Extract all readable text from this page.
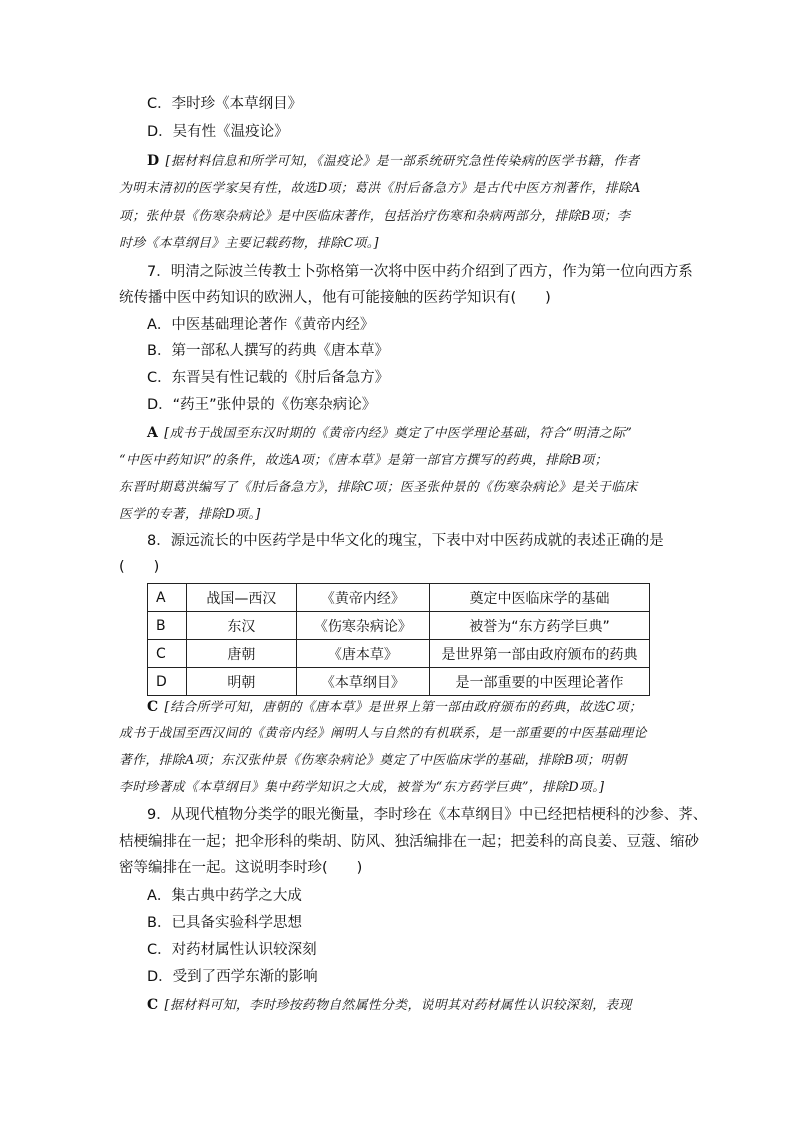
C．李时珍《本草纲目》
D．吴有性《温疫论》
D [据材料信息和所学可知，《温疫论》是一部系统研究急性传染病的医学书籍，作者
为明末清初的医学家吴有性，故选D项；葛洪《肘后备急方》是古代中医方剂著作，排除A
项；张仲景《伤寒杂病论》是中医临床著作，包括治疗伤寒和杂病两部分，排除B项；李
时珍《本草纲目》主要记载药物，排除C项。]
7．明清之际波兰传教士卜弥格第一次将中医中药介绍到了西方，作为第一位向西方系
统传播中医中药知识的欧洲人，他有可能接触的医药学知识有(　　)
A．中医基础理论著作《黄帝内经》
B．第一部私人撰写的药典《唐本草》
C．东晋吴有性记载的《肘后备急方》
D．“药王”张仲景的《伤寒杂病论》
A [成书于战国至东汉时期的《黄帝内经》奠定了中医学理论基础，符合“明清之际”
“中医中药知识”的条件，故选A项；《唐本草》是第一部官方撰写的药典，排除B项；
东晋时期葛洪编写了《肘后备急方》，排除C项；医圣张仲景的《伤寒杂病论》是关于临床
医学的专著，排除D项。]
8．源远流长的中医药学是中华文化的瑰宝，下表中对中医药成就的表述正确的是
(　　)
A	战国—西汉	《黄帝内经》	奠定中医临床学的基础
B	东汉	《伤寒杂病论》	被誉为“东方药学巨典”
C	唐朝	《唐本草》	是世界第一部由政府颁布的药典
D	明朝	《本草纲目》	是一部重要的中医理论著作
C [结合所学可知，唐朝的《唐本草》是世界上第一部由政府颁布的药典，故选C项；
成书于战国至西汉间的《黄帝内经》阐明人与自然的有机联系，是一部重要的中医基础理论
著作，排除A项；东汉张仲景《伤寒杂病论》奠定了中医临床学的基础，排除B项；明朝
李时珍著成《本草纲目》集中药学知识之大成，被誉为“东方药学巨典”，排除D项。]
9．从现代植物分类学的眼光衡量，李时珍在《本草纲目》中已经把桔梗科的沙参、荠、
桔梗编排在一起；把伞形科的柴胡、防风、独活编排在一起；把姜科的高良姜、豆蔻、缩砂
密等编排在一起。这说明李时珍(　　)
A．集古典中药学之大成
B．已具备实验科学思想
C．对药材属性认识较深刻
D．受到了西学东渐的影响
C [据材料可知，李时珍按药物自然属性分类，说明其对药材属性认识较深刻，表现
